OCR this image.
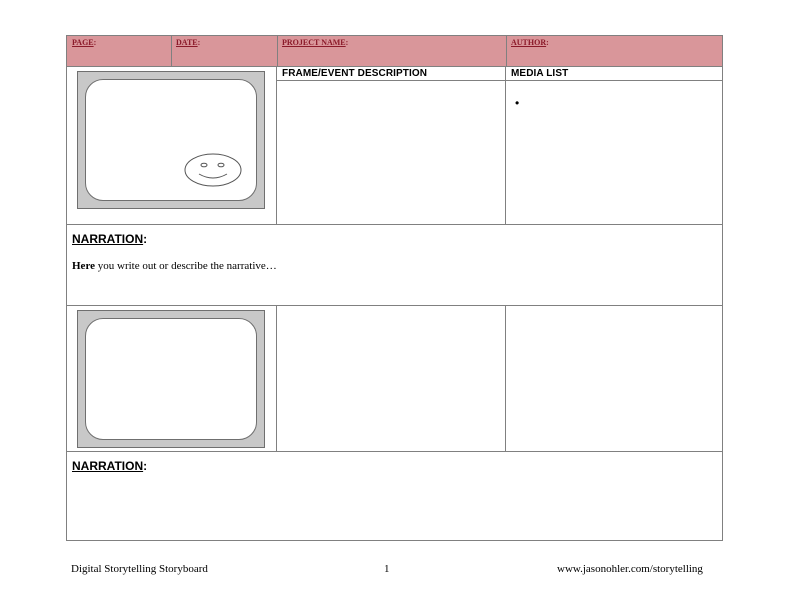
PAGE:	DATE:	PROJECT NAME:	AUTHOR:
FRAME/EVENT DESCRIPTION	MEDIA LIST
•
NARRATION:
Here you write out or describe the narrative…
NARRATION:
Digital Storytelling Storyboard	1	www.jasonohler.com/storytelling
